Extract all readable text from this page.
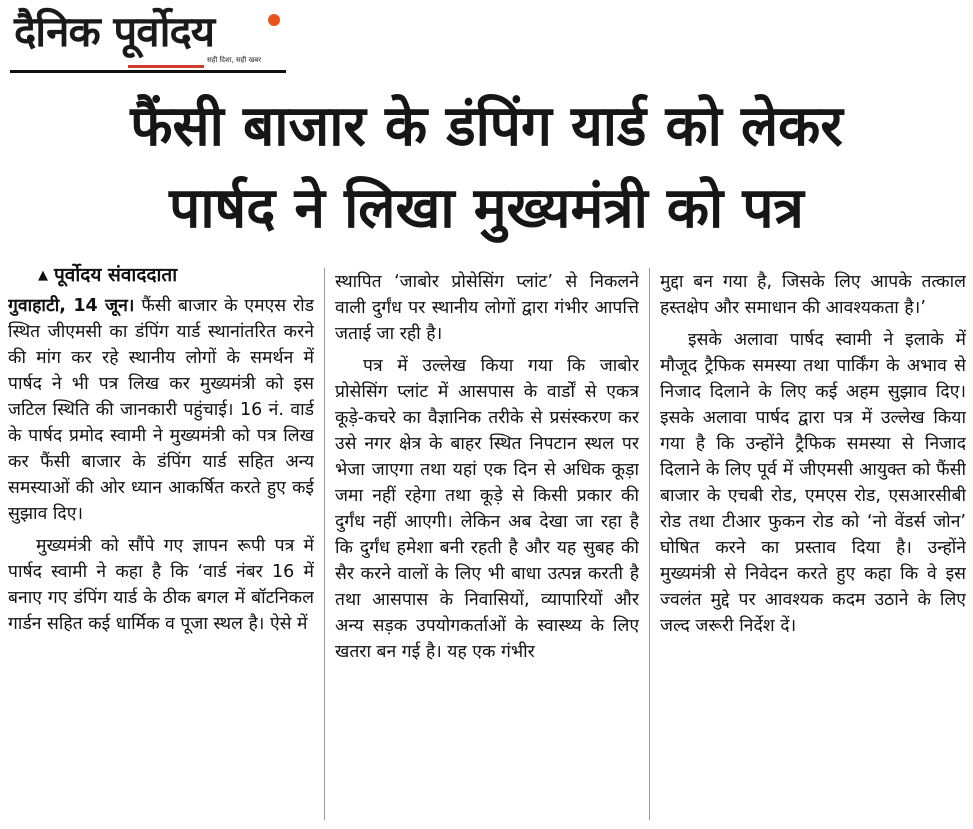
दैनिक पूर्वोदय
सही दिशा, सही खबर
फैंसी बाजार के डंपिंग यार्ड को लेकर
पार्षद ने लिखा मुख्यमंत्री को पत्र
▲ पूर्वोदय संवाददाता

गुवाहाटी, 14 जून। फैंसी बाजार के एमएस रोड स्थित जीएमसी का डंपिंग यार्ड स्थानांतरित करने की मांग कर रहे स्थानीय लोगों के समर्थन में पार्षद ने भी पत्र लिख कर मुख्यमंत्री को इस जटिल स्थिति की जानकारी पहुंचाई। 16 नं. वार्ड के पार्षद प्रमोद स्वामी ने मुख्यमंत्री को पत्र लिख कर फैंसी बाजार के डंपिंग यार्ड सहित अन्य समस्याओं की ओर ध्यान आकर्षित करते हुए कई सुझाव दिए।

मुख्यमंत्री को सौंपे गए ज्ञापन रूपी पत्र में पार्षद स्वामी ने कहा है कि ‘वार्ड नंबर 16 में बनाए गए डंपिंग यार्ड के ठीक बगल में बॉटनिकल गार्डन सहित कई धार्मिक व पूजा स्थल है। ऐसे में

स्थापित ‘जाबोर प्रोसेसिंग प्लांट’ से निकलने वाली दुर्गंध पर स्थानीय लोगों द्वारा गंभीर आपत्ति जताई जा रही है।

पत्र में उल्लेख किया गया कि जाबोर प्रोसेसिंग प्लांट में आसपास के वार्डों से एकत्र कूड़े-कचरे का वैज्ञानिक तरीके से प्रसंस्करण कर उसे नगर क्षेत्र के बाहर स्थित निपटान स्थल पर भेजा जाएगा तथा यहां एक दिन से अधिक कूड़ा जमा नहीं रहेगा तथा कूड़े से किसी प्रकार की दुर्गंध नहीं आएगी। लेकिन अब देखा जा रहा है कि दुर्गंध हमेशा बनी रहती है और यह सुबह की सैर करने वालों के लिए भी बाधा उत्पन्न करती है तथा आसपास के निवासियों, व्यापारियों और अन्य सड़क उपयोगकर्ताओं के स्वास्थ्य के लिए खतरा बन गई है। यह एक गंभीर

मुद्दा बन गया है, जिसके लिए आपके तत्काल हस्तक्षेप और समाधान की आवश्यकता है।’

इसके अलावा पार्षद स्वामी ने इलाके में मौजूद ट्रैफिक समस्या तथा पार्किंग के अभाव से निजाद दिलाने के लिए कई अहम सुझाव दिए। इसके अलावा पार्षद द्वारा पत्र में उल्लेख किया गया है कि उन्होंने ट्रैफिक समस्या से निजाद दिलाने के लिए पूर्व में जीएमसी आयुक्त को फैंसी बाजार के एचबी रोड, एमएस रोड, एसआरसीबी रोड तथा टीआर फुकन रोड को ‘नो वेंडर्स जोन’ घोषित करने का प्रस्ताव दिया है। उन्होंने मुख्यमंत्री से निवेदन करते हुए कहा कि वे इस ज्वलंत मुद्दे पर आवश्यक कदम उठाने के लिए जल्द जरूरी निर्देश दें।
